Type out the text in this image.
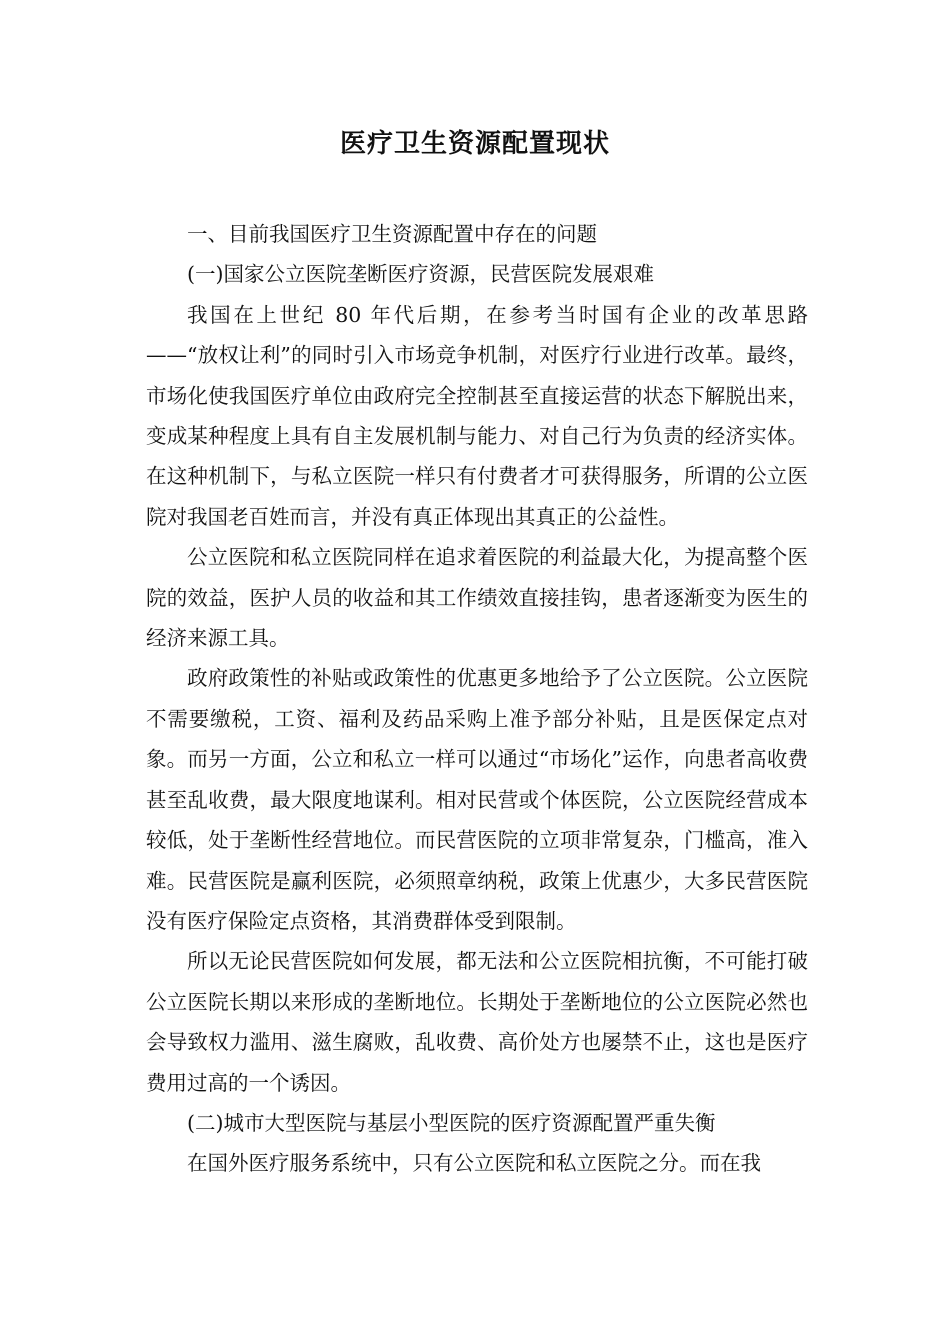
医疗卫生资源配置现状

一、目前我国医疗卫生资源配置中存在的问题

(一)国家公立医院垄断医疗资源，民营医院发展艰难

我国在上世纪 80 年代后期，在参考当时国有企业的改革思路——“放权让利”的同时引入市场竞争机制，对医疗行业进行改革。最终，市场化使我国医疗单位由政府完全控制甚至直接运营的状态下解脱出来，变成某种程度上具有自主发展机制与能力、对自己行为负责的经济实体。在这种机制下，与私立医院一样只有付费者才可获得服务，所谓的公立医院对我国老百姓而言，并没有真正体现出其真正的公益性。

公立医院和私立医院同样在追求着医院的利益最大化，为提高整个医院的效益，医护人员的收益和其工作绩效直接挂钩，患者逐渐变为医生的经济来源工具。

政府政策性的补贴或政策性的优惠更多地给予了公立医院。公立医院不需要缴税，工资、福利及药品采购上准予部分补贴，且是医保定点对象。而另一方面，公立和私立一样可以通过“市场化”运作，向患者高收费甚至乱收费，最大限度地谋利。相对民营或个体医院，公立医院经营成本较低，处于垄断性经营地位。而民营医院的立项非常复杂，门槛高，准入难。民营医院是赢利医院，必须照章纳税，政策上优惠少，大多民营医院没有医疗保险定点资格，其消费群体受到限制。

所以无论民营医院如何发展，都无法和公立医院相抗衡，不可能打破公立医院长期以来形成的垄断地位。长期处于垄断地位的公立医院必然也会导致权力滥用、滋生腐败，乱收费、高价处方也屡禁不止，这也是医疗费用过高的一个诱因。

(二)城市大型医院与基层小型医院的医疗资源配置严重失衡

在国外医疗服务系统中，只有公立医院和私立医院之分。而在我
